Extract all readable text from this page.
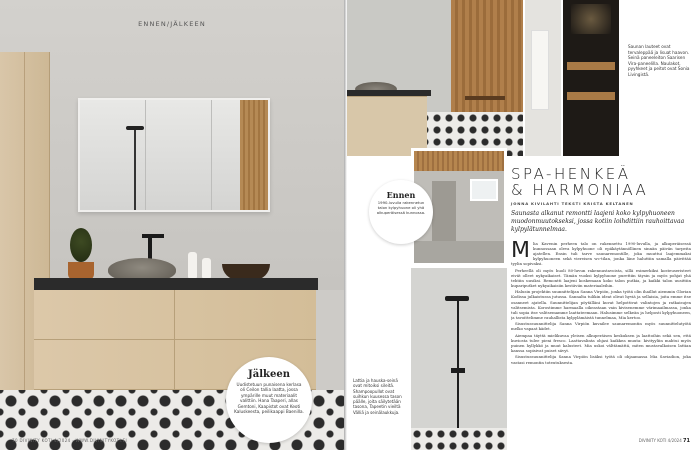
ENNEN/JÄLKEEN
Jälkeen
Uudistetuun punaisena kerlasa oli Ceilon tallia laatta, jossa ympärille muut materiaalit valittiin. Hana Taaperi, allas Gemtoni, Kaapistot ovat Keoti Kaluskeesta, peilikaappi Baenilla.
70 DIVINITY KOTI 4/2024 · WWW.DIVINITYKOTI.FI
Saunan lauteet ovat tervaleppää ja lisuat haavon. Seinä paneeleiton Saarisen Vira-paneelilla. Naulakot, pyyhkeet ja peitot ovat Sonia Livingistä.
Ennen
1990-luvulla rakennetun talon kylpyhuone oli yhä alkuperäisessä kunnossa.
SPA-HENKEÄ
& HARMONIAA
JONNA KIVILAHTI TEKSTI KRISTA KELTANEN
Saunasta alkanut remontti laajeni koko kylpyhuoneen muodonmuutokseksi, jossa kotiin loihdittiin rauhoittavaa kylpylätunnelmaa.
M lia Kavenin perheen talo on rakennettu 1990-luvulla, ja alkuperäisessä kunnossaan oleva kylpyhuone oli epäkäytännöllinen sinnän päivän tarpeita ajatellen. Ensin tuli tarve saunaremontille, joka muuttui laajemmaksi kylpyhuoneen sekä viereisen wc-tilan, jonka läne haluttiin samalla päivittää tyylin sopivaksi.

Perheellä oli myös huoli 80-luvun rakennustavoista, sillä esimerkiksi kosteuseristeet eivät olleet nykyaikaiset. Tämän vuoksi kylpyhuone purettiin täysin ja myös pohjat yhä tehtiin uusiksi. Remontti laajeni koskemaan koko talon putkia, ja kaikki talon uusittiin kupariputket nykyaikaisiin kestäviin materiaaleihin.

Halusin projektiin suunnittelijan Sanna Virpiön, jonka työtä olin ihaillut aiemmin Glorian Kodissa julkaistussa jutussa. Sannalta tulikin ideat olivat hyviä ja sellaisia, joita emme itse osanneet ajatella. Suunnittelijan pöytälläni kuvat helpottivat valintojen ja ratkaisujen valitsemista. Korostimme harmaalla oikeastaan vain kivisenemme värimaailmassa, jonka tuli sopia itse valitsemamme laattateemaan. Halusimme selkeän ja helposti kylpyhuoneen, ja tavoittelimme rauhallista kylpylämäistä tunnelmaa, Mia kertoo.

Sisustussuunnittelija Sanna Virpiön kuvailee saunaremontin myös suunnittelutyötä melko vapaat kädet.

Aiempaa täyttä mielikuvaa yleisen alkuperäisen keskuksen ja laattoihin sekä sen, että kuviosta tulee pieni fresco. Laattavalinta ohjasi kaikkea muuta: kivityyliin mahtui myös puinen hyllykkö ja muut kalusteet. Mia uskoi välttämättä, miten mustavalkoisen lattian kanssa sopisivat puiset sävyt.

Sisustussuunnittelija Sanna Virpiön lisäksi työtä oli ohjaamassa Mia Saviadion, joka vastasi remontin toteutuksesta.

Lattia ja hauska-seinä ovat mitoiksi sileitä. Shampoopullot ovat suihkun kuusessa tason päälle, joita säilytetään tasona, Tapeetin vieiltä Välliä ja seinälaukkuja.
DIVINITY KOTI 4/2024 71
